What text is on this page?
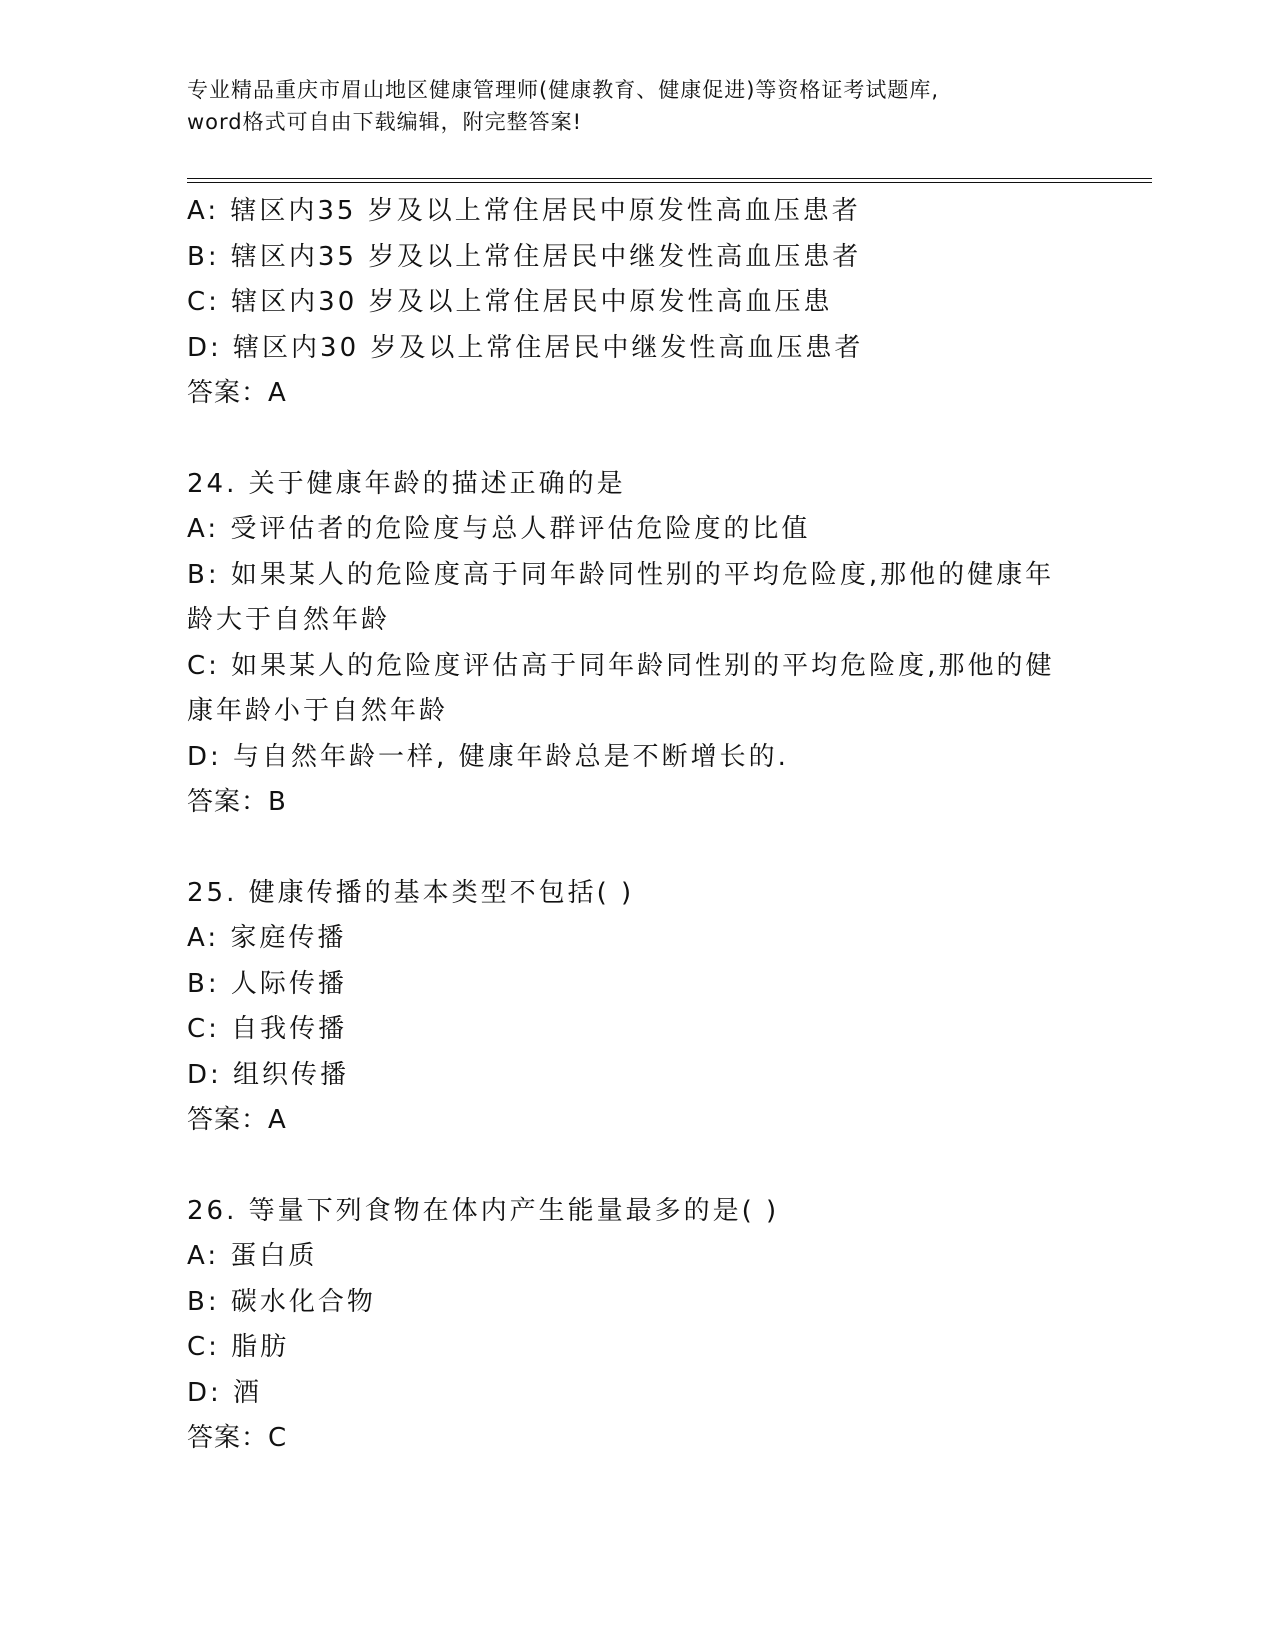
专业精品重庆市眉山地区健康管理师(健康教育、健康促进)等资格证考试题库,
word格式可自由下载编辑，附完整答案!
A: 辖区内35 岁及以上常住居民中原发性高血压患者
B: 辖区内35 岁及以上常住居民中继发性高血压患者
C: 辖区内30 岁及以上常住居民中原发性高血压患
D: 辖区内30 岁及以上常住居民中继发性高血压患者
答案：A
24. 关于健康年龄的描述正确的是
A: 受评估者的危险度与总人群评估危险度的比值
B: 如果某人的危险度高于同年龄同性别的平均危险度,那他的健康年
龄大于自然年龄
C: 如果某人的危险度评估高于同年龄同性别的平均危险度,那他的健
康年龄小于自然年龄
D: 与自然年龄一样, 健康年龄总是不断增长的.
答案：B
25. 健康传播的基本类型不包括( )
A: 家庭传播
B: 人际传播
C: 自我传播
D: 组织传播
答案：A
26. 等量下列食物在体内产生能量最多的是( )
A: 蛋白质
B: 碳水化合物
C: 脂肪
D: 酒
答案：C
